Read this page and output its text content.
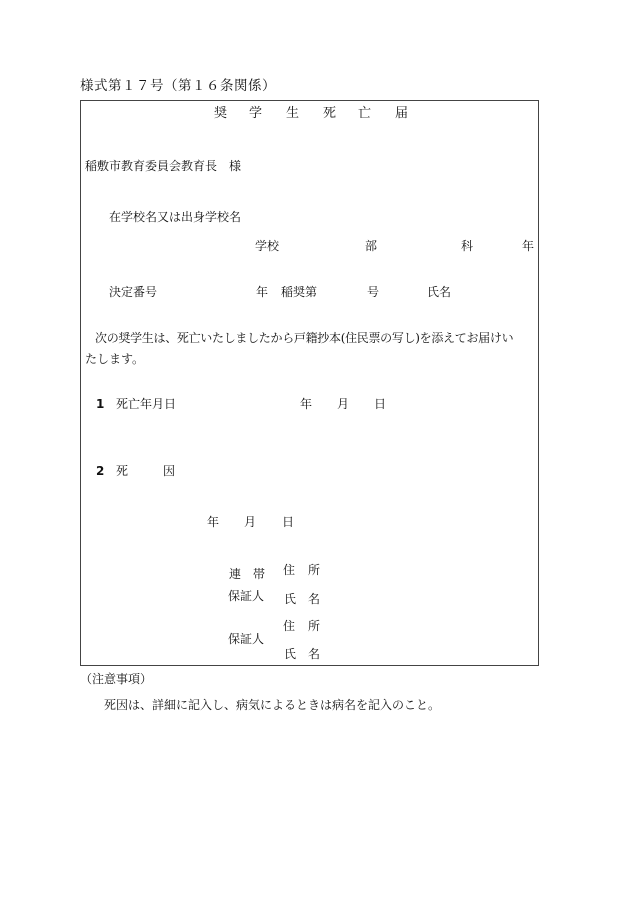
様式第１７号（第１６条関係）
奨 学 生 死 亡 届
稲敷市教育委員会教育長　様
在学校名又は出身学校名
学校	部	科	年
決定番号	年 稲奨第	号	氏名
次の奨学生は、死亡いたしましたから戸籍抄本(住民票の写し)を添えてお届けい
たします。
1 死亡年月日	年 月 日
2 死	因
年 月 日
連　帯
保証人
住 所
氏 名
保証人
住 所
氏 名
（注意事項）
死因は、詳細に記入し、病気によるときは病名を記入のこと。
